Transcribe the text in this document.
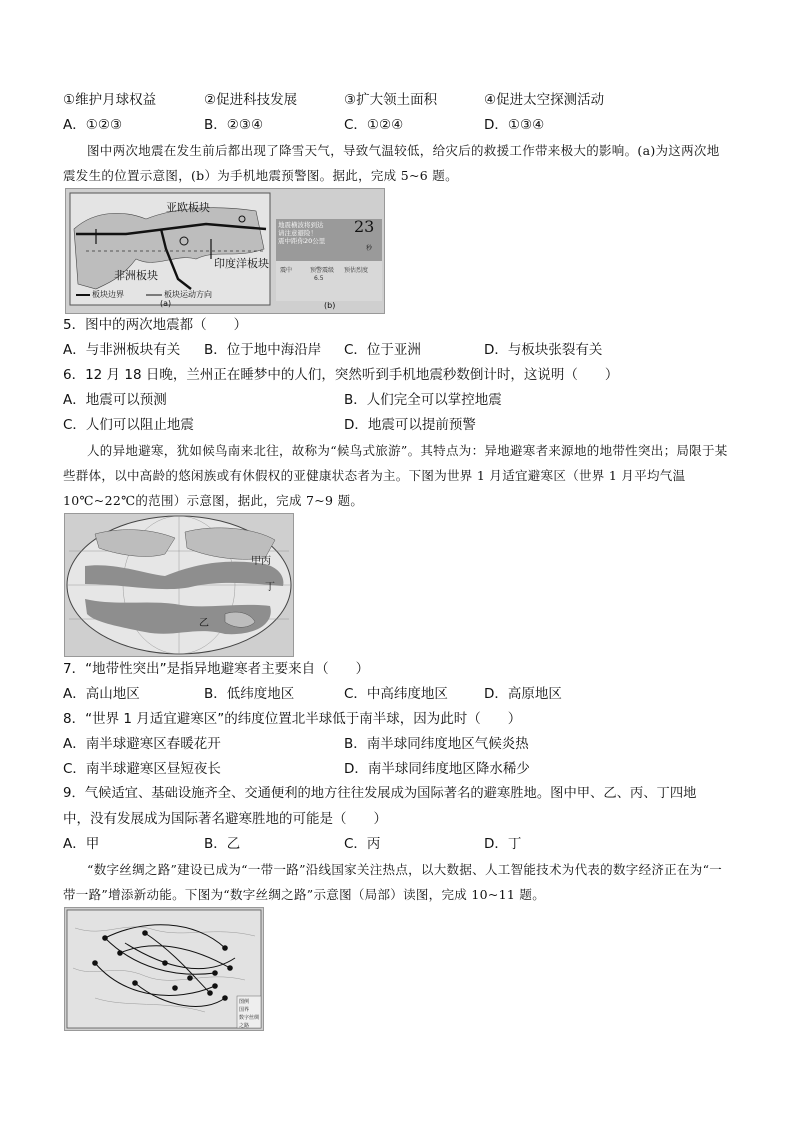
①维护月球权益	②促进科技发展	③扩大领土面积	④促进太空探测活动
A．①②③	B．②③④	C．①②④	D．①③④
图中两次地震在发生前后都出现了降雪天气，导致气温较低，给灾后的救援工作带来极大的影响。(a)为这两次地震发生的位置示意图，(b）为手机地震预警图。据此，完成 5~6 题。
亚欧板块
印度洋板块
非洲板块
板块边界	板块运动方向
(a)	(b)
地震横波将到达
请注意避险！
震中距你20公里
23
秒
震中	预警震级 预估烈度
6.5
5．图中的两次地震都（　　）
A．与非洲板块有关 B．位于地中海沿岸 C．位于亚洲	D．与板块张裂有关
6．12 月 18 日晚，兰州正在睡梦中的人们，突然听到手机地震秒数倒计时，这说明（　　）
A．地震可以预测	B．人们完全可以掌控地震
C．人们可以阻止地震	D．地震可以提前预警
人的异地避寒，犹如候鸟南来北往，故称为“候鸟式旅游”。其特点为：异地避寒者来源地的地带性突出；局限于某些群体，以中高龄的悠闲族或有休假权的亚健康状态者为主。下图为世界 1 月适宜避寒区（世界 1 月平均气温 10℃~22℃的范围）示意图，据此，完成 7~9 题。
甲 丙
丁
乙
7．“地带性突出”是指异地避寒者主要来自（　　）
A．高山地区	B．低纬度地区	C．中高纬度地区	D．高原地区
8．“世界 1 月适宜避寒区”的纬度位置北半球低于南半球，因为此时（　　）
A．南半球避寒区春暖花开	B．南半球同纬度地区气候炎热
C．南半球避寒区昼短夜长	D．南半球同纬度地区降水稀少
9．气候适宜、基础设施齐全、交通便利的地方往往发展成为国际著名的避寒胜地。图中甲、乙、丙、丁四地
中，没有发展成为国际著名避寒胜地的可能是（　　）
A．甲	B．乙	C．丙	D．丁
“数字丝绸之路”建设已成为“一带一路”沿线国家关注热点，以大数据、人工智能技术为代表的数字经济正在为“一带一路”增添新动能。下图为“数字丝绸之路”示意图（局部）读图，完成 10~11 题。
图例
国界
数字丝绸之路
